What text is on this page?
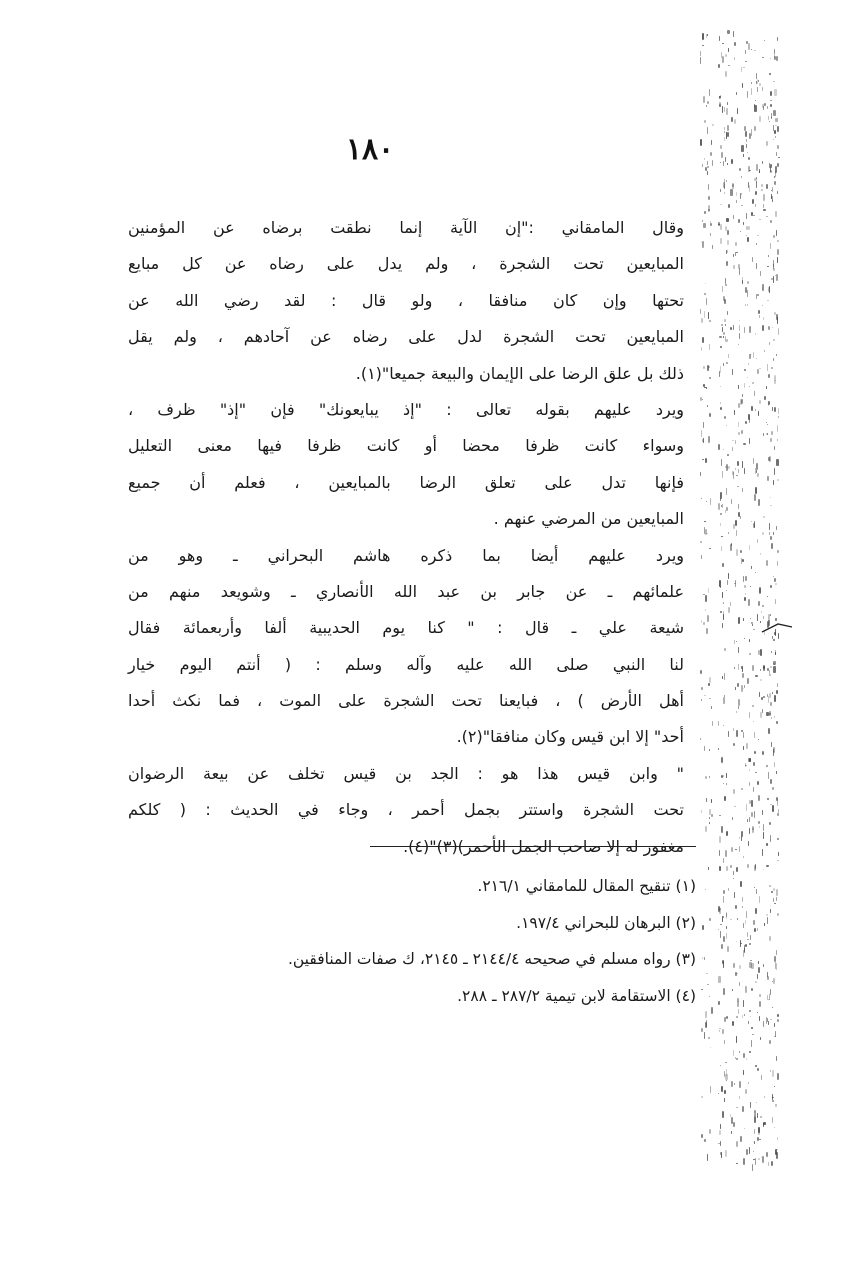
١٨٠
وقال المامقاني :"إن الآية إنما نطقت برضاه عن المؤمنين
المبايعين تحت الشجرة ، ولم يدل على رضاه عن كل مبايع
تحتها وإن كان منافقا ، ولو قال : لقد رضي الله عن
المبايعين تحت الشجرة لدل على رضاه عن آحادهم ، ولم يقل
ذلك بل علق الرضا على الإيمان والبيعة جميعا"(١).
ويرد عليهم بقوله تعالى : "إذ يبايعونك" فإن "إذ" ظرف ،
وسواء كانت ظرفا محضا أو كانت ظرفا فيها معنى التعليل
فإنها تدل على تعلق الرضا بالمبايعين ، فعلم أن جميع
المبايعين من المرضي عنهم .
ويرد عليهم أيضا بما ذكره هاشم البحراني ـ وهو من
علمائهم ـ عن جابر بن عبد الله الأنصاري ـ وشويعد منهم من
شيعة علي ـ قال : " كنا يوم الحديبية ألفا وأربعمائة فقال
لنا النبي صلى الله عليه وآله وسلم : ( أنتم اليوم خيار
أهل الأرض ) ، فبايعنا تحت الشجرة على الموت ، فما نكث أحدا
أحد" إلا ابن قيس وكان منافقا"(٢).
" وابن قيس هذا هو : الجد بن قيس تخلف عن بيعة الرضوان
تحت الشجرة واستتر بجمل أحمر ، وجاء في الحديث : ( كلكم
مغفور له إلا صاحب الجمل الأحمر)(٣)"(٤).
(١) تنقيح المقال للمامقاني ٢١٦/١.
(٢) البرهان للبحراني ١٩٧/٤.
(٣) رواه مسلم في صحيحه ٢١٤٤/٤ ـ ٢١٤٥، ك صفات المنافقين.
(٤) الاستقامة لابن تيمية ٢٨٧/٢ ـ ٢٨٨.
